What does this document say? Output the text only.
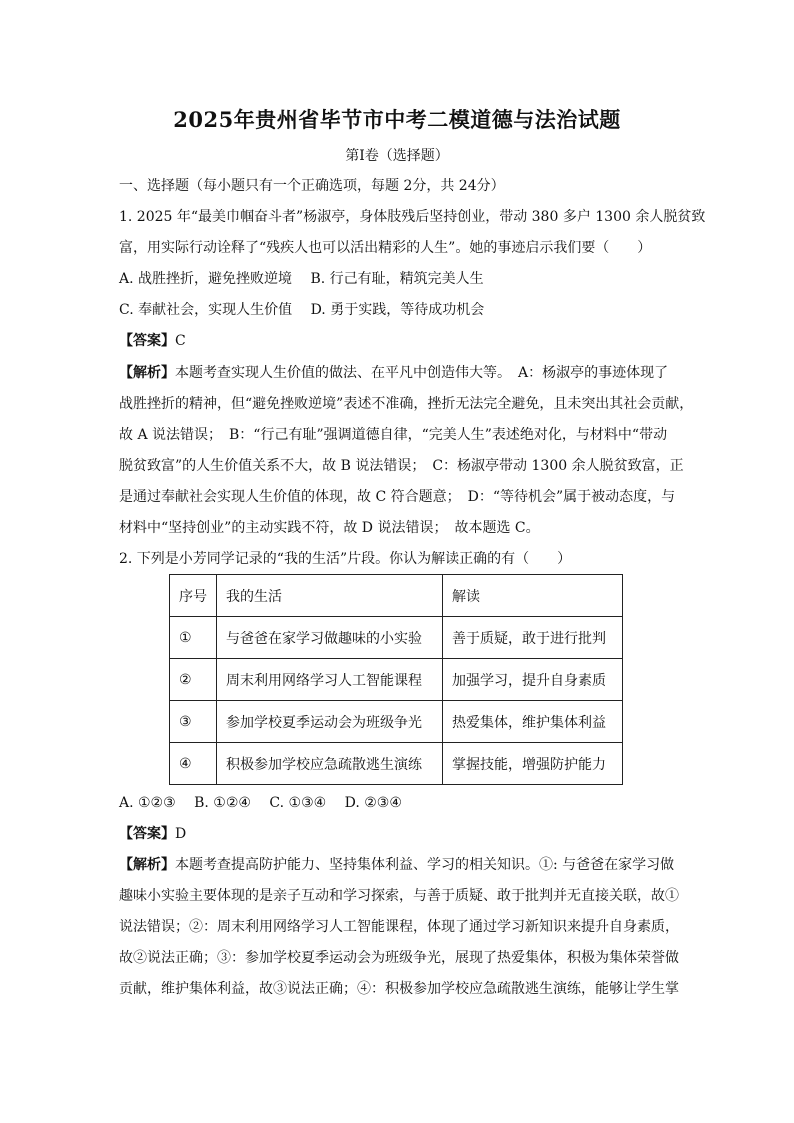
2025年贵州省毕节市中考二模道德与法治试题
第I卷（选择题）
一、选择题（每小题只有一个正确选项，每题 2分，共 24分）
1. 2025 年“最美巾帼奋斗者”杨淑亭，身体肢残后坚持创业，带动 380 多户 1300 余人脱贫致
富，用实际行动诠释了“残疾人也可以活出精彩的人生”。她的事迹启示我们要（　　）
A. 战胜挫折，避免挫败逆境　 B. 行己有耻，精筑完美人生
C. 奉献社会，实现人生价值　 D. 勇于实践，等待成功机会
【答案】C
【解析】本题考查实现人生价值的做法、在平凡中创造伟大等。　A：杨淑亭的事迹体现了
战胜挫折的精神，但“避免挫败逆境”表述不准确，挫折无法完全避免，且未突出其社会贡献，
故 A 说法错误；　B：“行己有耻”强调道德自律，“完美人生”表述绝对化，与材料中“带动
脱贫致富”的人生价值关系不大，故 B 说法错误；　C：杨淑亭带动 1300 余人脱贫致富，正
是通过奉献社会实现人生价值的体现，故 C 符合题意；　D：“等待机会”属于被动态度，与
材料中“坚持创业”的主动实践不符，故 D 说法错误；　故本题选 C。
2. 下列是小芳同学记录的“我的生活”片段。你认为解读正确的有（　　）
序号	我的生活	解读
①	与爸爸在家学习做趣味的小实验	善于质疑，敢于进行批判
②	周末利用网络学习人工智能课程	加强学习，提升自身素质
③	参加学校夏季运动会为班级争光	热爱集体，维护集体利益
④	积极参加学校应急疏散逃生演练	掌握技能，增强防护能力
A. ①②③　 B. ①②④　 C. ①③④　 D. ②③④
【答案】D
【解析】本题考查提高防护能力、坚持集体利益、学习的相关知识。①: 与爸爸在家学习做
趣味小实验主要体现的是亲子互动和学习探索，与善于质疑、敢于批判并无直接关联，故①
说法错误；②：周末利用网络学习人工智能课程，体现了通过学习新知识来提升自身素质，
故②说法正确；③：参加学校夏季运动会为班级争光，展现了热爱集体，积极为集体荣誉做
贡献，维护集体利益，故③说法正确；④：积极参加学校应急疏散逃生演练，能够让学生掌
